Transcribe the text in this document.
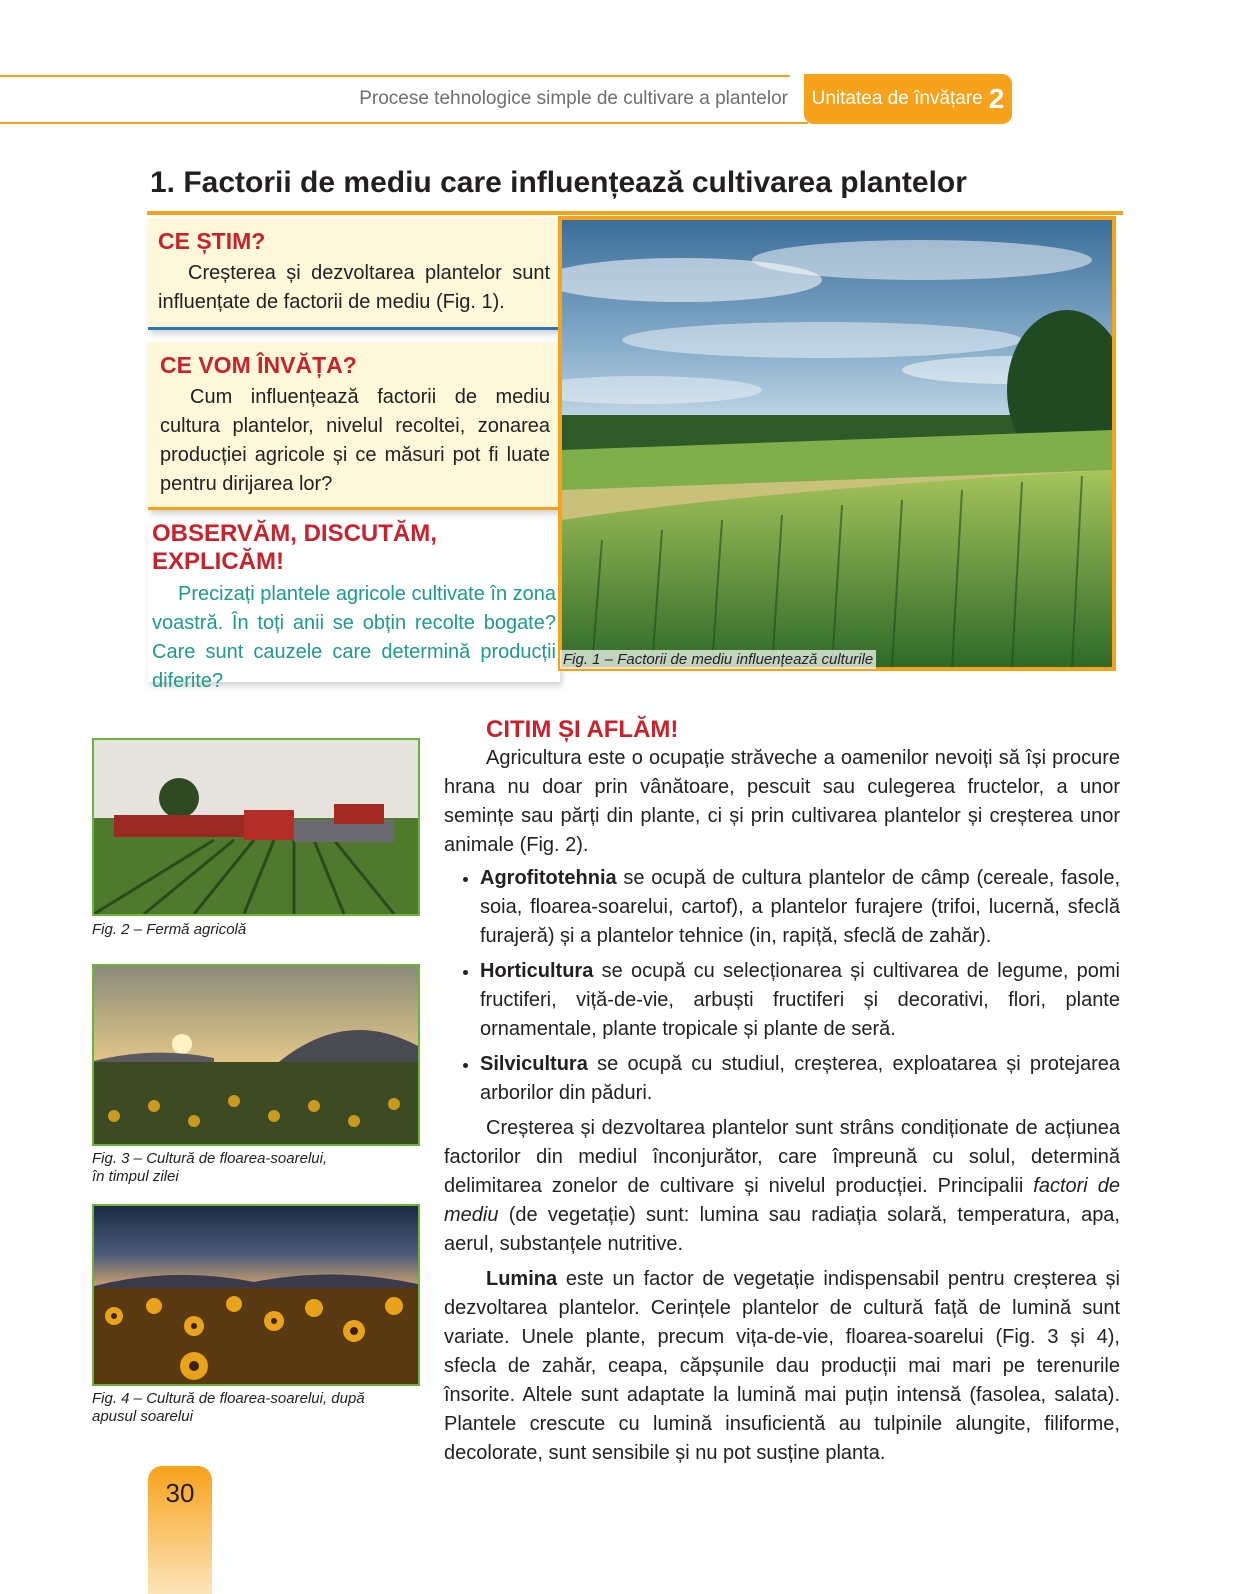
Procese tehnologice simple de cultivare a plantelor Unitatea de învățare 2
1. Factorii de mediu care influențează cultivarea plantelor
CE ȘTIM?

Creșterea și dezvoltarea plantelor sunt influențate de factorii de mediu (Fig. 1).

CE VOM ÎNVĂȚA?

Cum influențează factorii de mediu cultura plantelor, nivelul recoltei, zonarea producției agricole și ce măsuri pot fi luate pentru dirijarea lor?

OBSERVĂM, DISCUTĂM, EXPLICĂM!

Precizați plantele agricole cultivate în zona voastră. În toți anii se obțin recolte bogate? Care sunt cauzele care determină producții diferite?

Fig. 1 – Factorii de mediu influențează culturile
Fig. 2 – Fermă agricolă
Fig. 3 – Cultură de floarea-soarelui,
în timpul zilei
Fig. 4 – Cultură de floarea-soarelui, după
apusul soarelui
CITIM ȘI AFLĂM!

Agricultura este o ocupație străveche a oamenilor nevoiți să își procure hrana nu doar prin vânătoare, pescuit sau culegerea fructelor, a unor semințe sau părți din plante, ci și prin cultivarea plantelor și creșterea unor animale (Fig. 2).

• Agrofitotehnia se ocupă de cultura plantelor de câmp (cereale, fasole, soia, floarea-soarelui, cartof), a plantelor furajere (trifoi, lucernă, sfeclă furajeră) și a plantelor tehnice (in, rapiță, sfeclă de zahăr).
• Horticultura se ocupă cu selecționarea și cultivarea de legume, pomi fructiferi, viță-de-vie, arbuști fructiferi și decorativi, flori, plante ornamentale, plante tropicale și plante de seră.
• Silvicultura se ocupă cu studiul, creșterea, exploatarea și protejarea arborilor din păduri.

Creșterea și dezvoltarea plantelor sunt strâns condiționate de acțiunea factorilor din mediul înconjurător, care împreună cu solul, determină delimitarea zonelor de cultivare și nivelul producției. Principalii factori de mediu (de vegetație) sunt: lumina sau radiația solară, temperatura, apa, aerul, substanțele nutritive.

Lumina este un factor de vegetație indispensabil pentru creșterea și dezvoltarea plantelor. Cerințele plantelor de cultură față de lumină sunt variate. Unele plante, precum vița-de-vie, floarea-soarelui (Fig. 3 și 4), sfecla de zahăr, ceapa, căpșunile dau producții mai mari pe terenurile însorite. Altele sunt adaptate la lumină mai puțin intensă (fasolea, salata). Plantele crescute cu lumină insuficientă au tulpinile alungite, filiforme, decolorate, sunt sensibile și nu pot susține planta.

30
